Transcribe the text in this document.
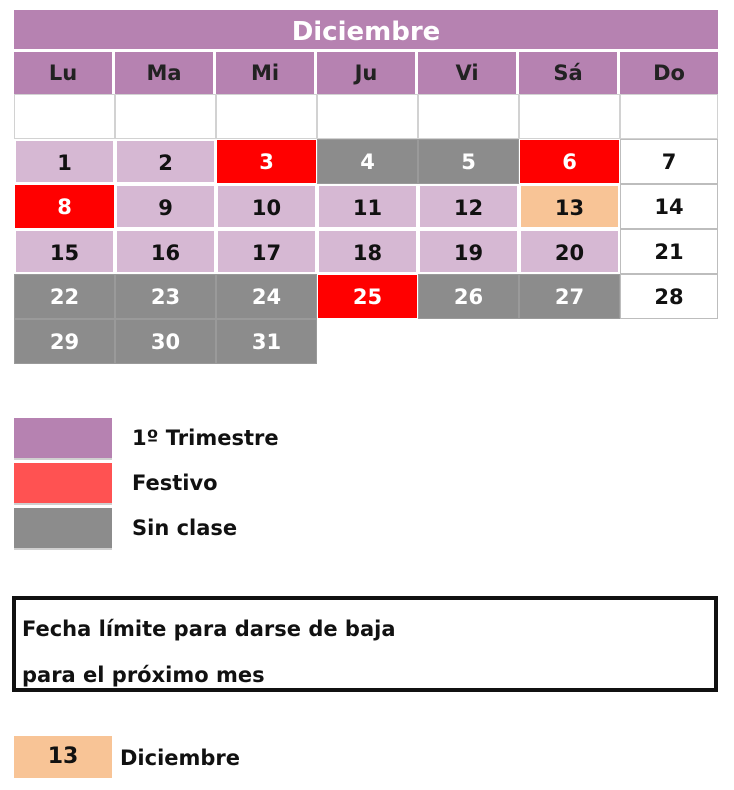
Diciembre
Lu	Ma	Mi	Ju	Vi	Sá	Do
1	2	3	4	5	6	7
8	9	10	11	12	13	14
15	16	17	18	19	20	21
22	23	24	25	26	27	28
29	30	31
1º Trimestre
Festivo
Sin clase
Fecha límite para darse de baja
para el próximo mes
13	Diciembre
